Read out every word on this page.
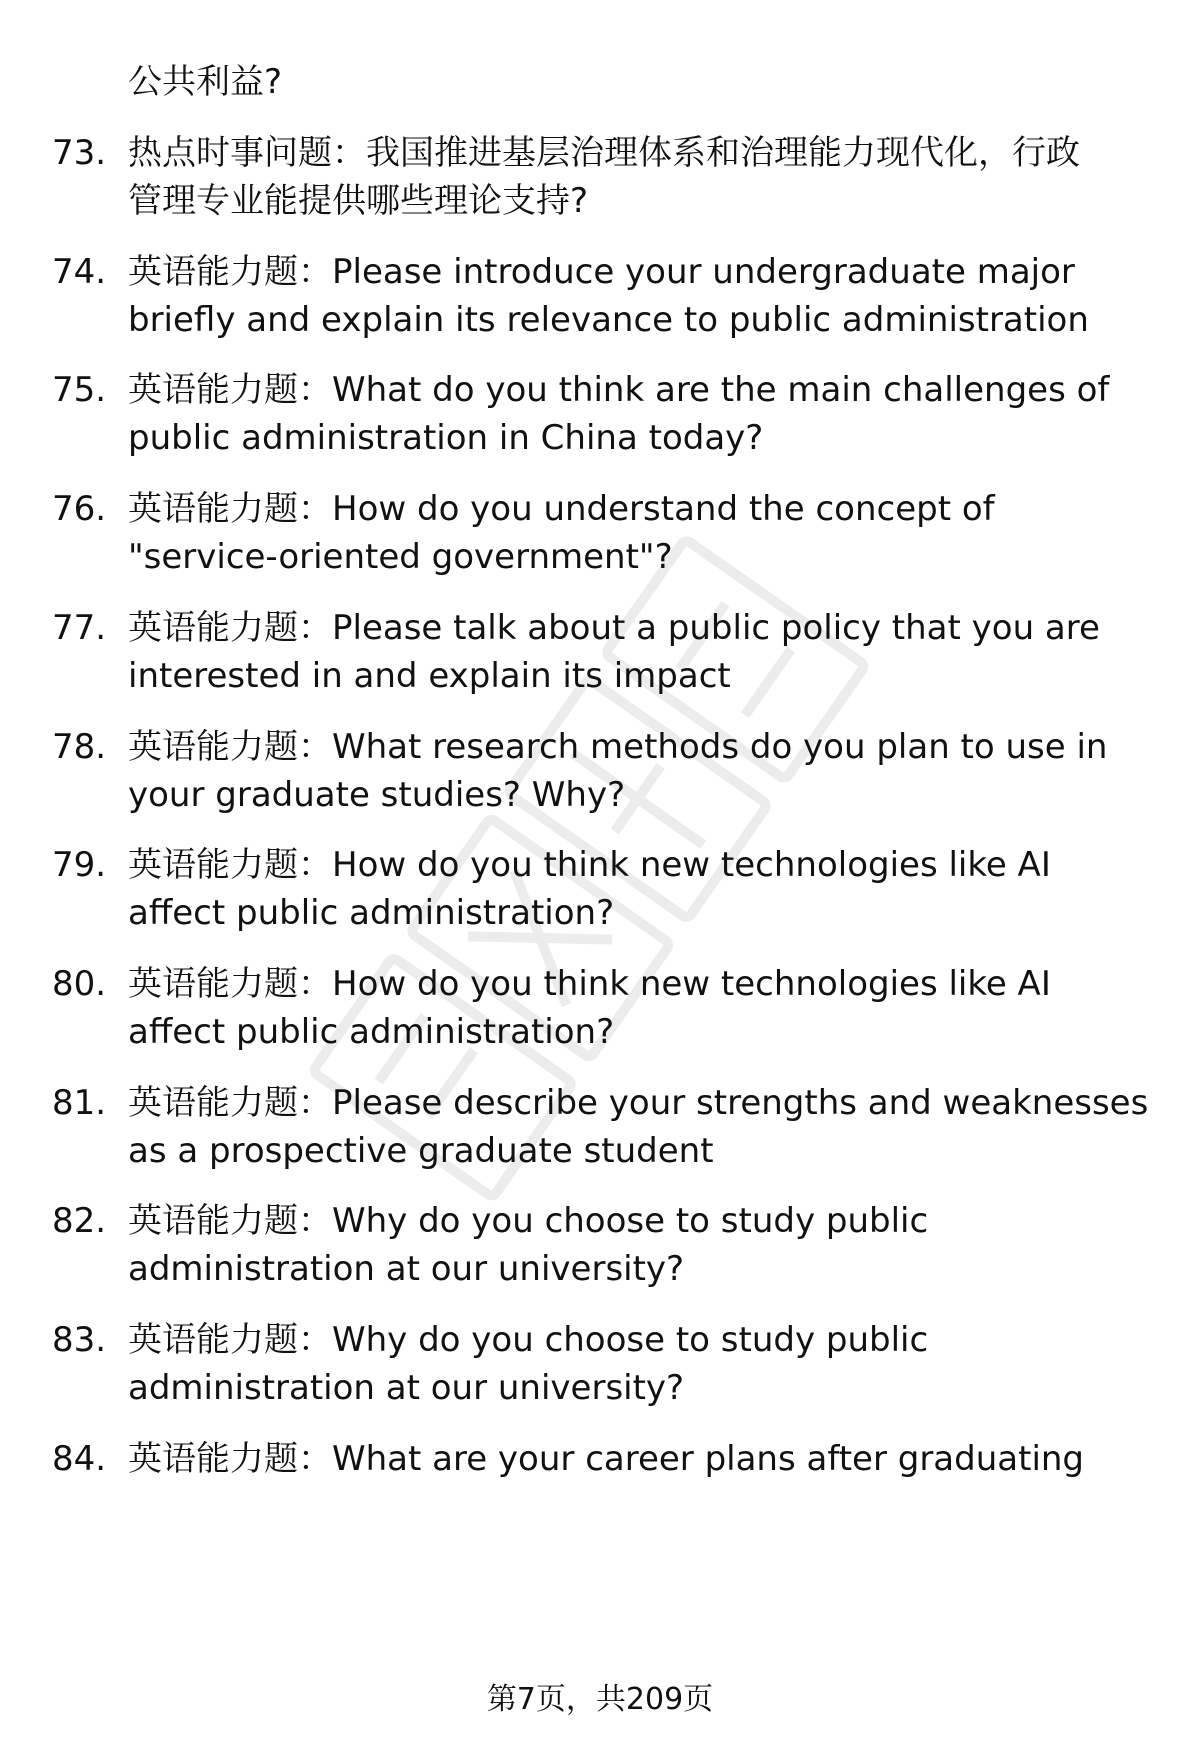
公共利益?
73. 热点时事问题：我国推进基层治理体系和治理能力现代化，行政
管理专业能提供哪些理论支持?
74. 英语能力题：Please introduce your undergraduate major
briefly and explain its relevance to public administration
75. 英语能力题：What do you think are the main challenges of
public administration in China today?
76. 英语能力题：How do you understand the concept of
"service-oriented government"?
77. 英语能力题：Please talk about a public policy that you are
interested in and explain its impact
78. 英语能力题：What research methods do you plan to use in
your graduate studies? Why?
79. 英语能力题：How do you think new technologies like AI
affect public administration?
80. 英语能力题：How do you think new technologies like AI
affect public administration?
81. 英语能力题：Please describe your strengths and weaknesses
as a prospective graduate student
82. 英语能力题：Why do you choose to study public
administration at our university?
83. 英语能力题：Why do you choose to study public
administration at our university?
84. 英语能力题：What are your career plans after graduating
第7页，共209页
